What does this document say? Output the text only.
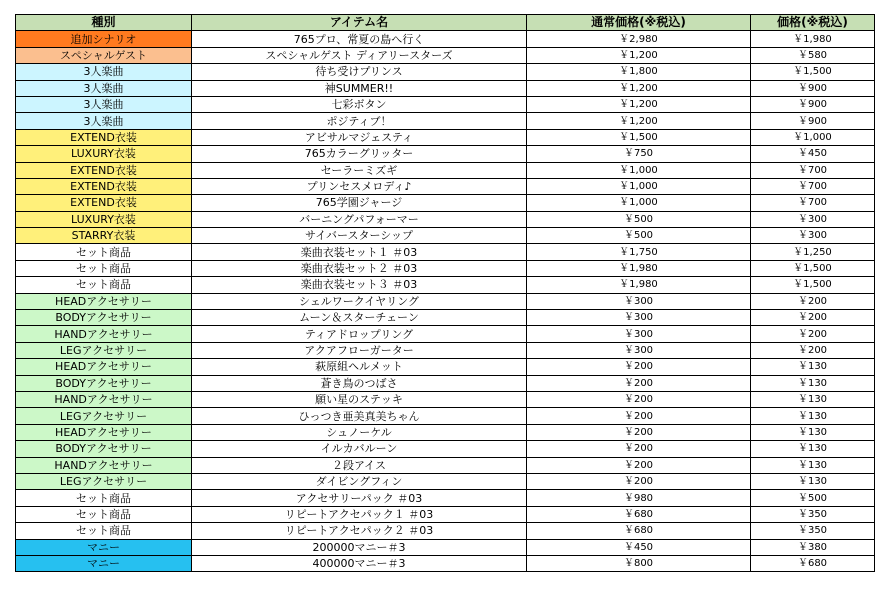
種別	アイテム名	通常価格(※税込)	価格(※税込)
追加シナリオ	765プロ、常夏の島へ行く	￥2,980	￥1,980
スペシャルゲスト	スペシャルゲスト ディアリースターズ	￥1,200	￥580
3人楽曲	待ち受けプリンス	￥1,800	￥1,500
3人楽曲	神SUMMER!!	￥1,200	￥900
3人楽曲	七彩ボタン	￥1,200	￥900
3人楽曲	ポジティブ！	￥1,200	￥900
EXTEND衣装	アビサルマジェスティ	￥1,500	￥1,000
LUXURY衣装	765カラーグリッター	￥750	￥450
EXTEND衣装	セーラーミズギ	￥1,000	￥700
EXTEND衣装	プリンセスメロディ♪	￥1,000	￥700
EXTEND衣装	765学園ジャージ	￥1,000	￥700
LUXURY衣装	バーニングパフォーマー	￥500	￥300
STARRY衣装	サイバースターシップ	￥500	￥300
セット商品	楽曲衣装セット１ ＃03	￥1,750	￥1,250
セット商品	楽曲衣装セット２ ＃03	￥1,980	￥1,500
セット商品	楽曲衣装セット３ ＃03	￥1,980	￥1,500
HEADアクセサリー	シェルワークイヤリング	￥300	￥200
BODYアクセサリー	ムーン＆スターチェーン	￥300	￥200
HANDアクセサリー	ティアドロップリング	￥300	￥200
LEGアクセサリー	アクアフローガーター	￥300	￥200
HEADアクセサリー	萩原組ヘルメット	￥200	￥130
BODYアクセサリー	蒼き鳥のつばさ	￥200	￥130
HANDアクセサリー	願い星のステッキ	￥200	￥130
LEGアクセサリー	ひっつき亜美真美ちゃん	￥200	￥130
HEADアクセサリー	シュノーケル	￥200	￥130
BODYアクセサリー	イルカバルーン	￥200	￥130
HANDアクセサリー	２段アイス	￥200	￥130
LEGアクセサリー	ダイビングフィン	￥200	￥130
セット商品	アクセサリーパック ＃03	￥980	￥500
セット商品	リピートアクセパック１ ＃03	￥680	￥350
セット商品	リピートアクセパック２ ＃03	￥680	￥350
マニー	200000マニー＃3	￥450	￥380
マニー	400000マニー＃3	￥800	￥680
